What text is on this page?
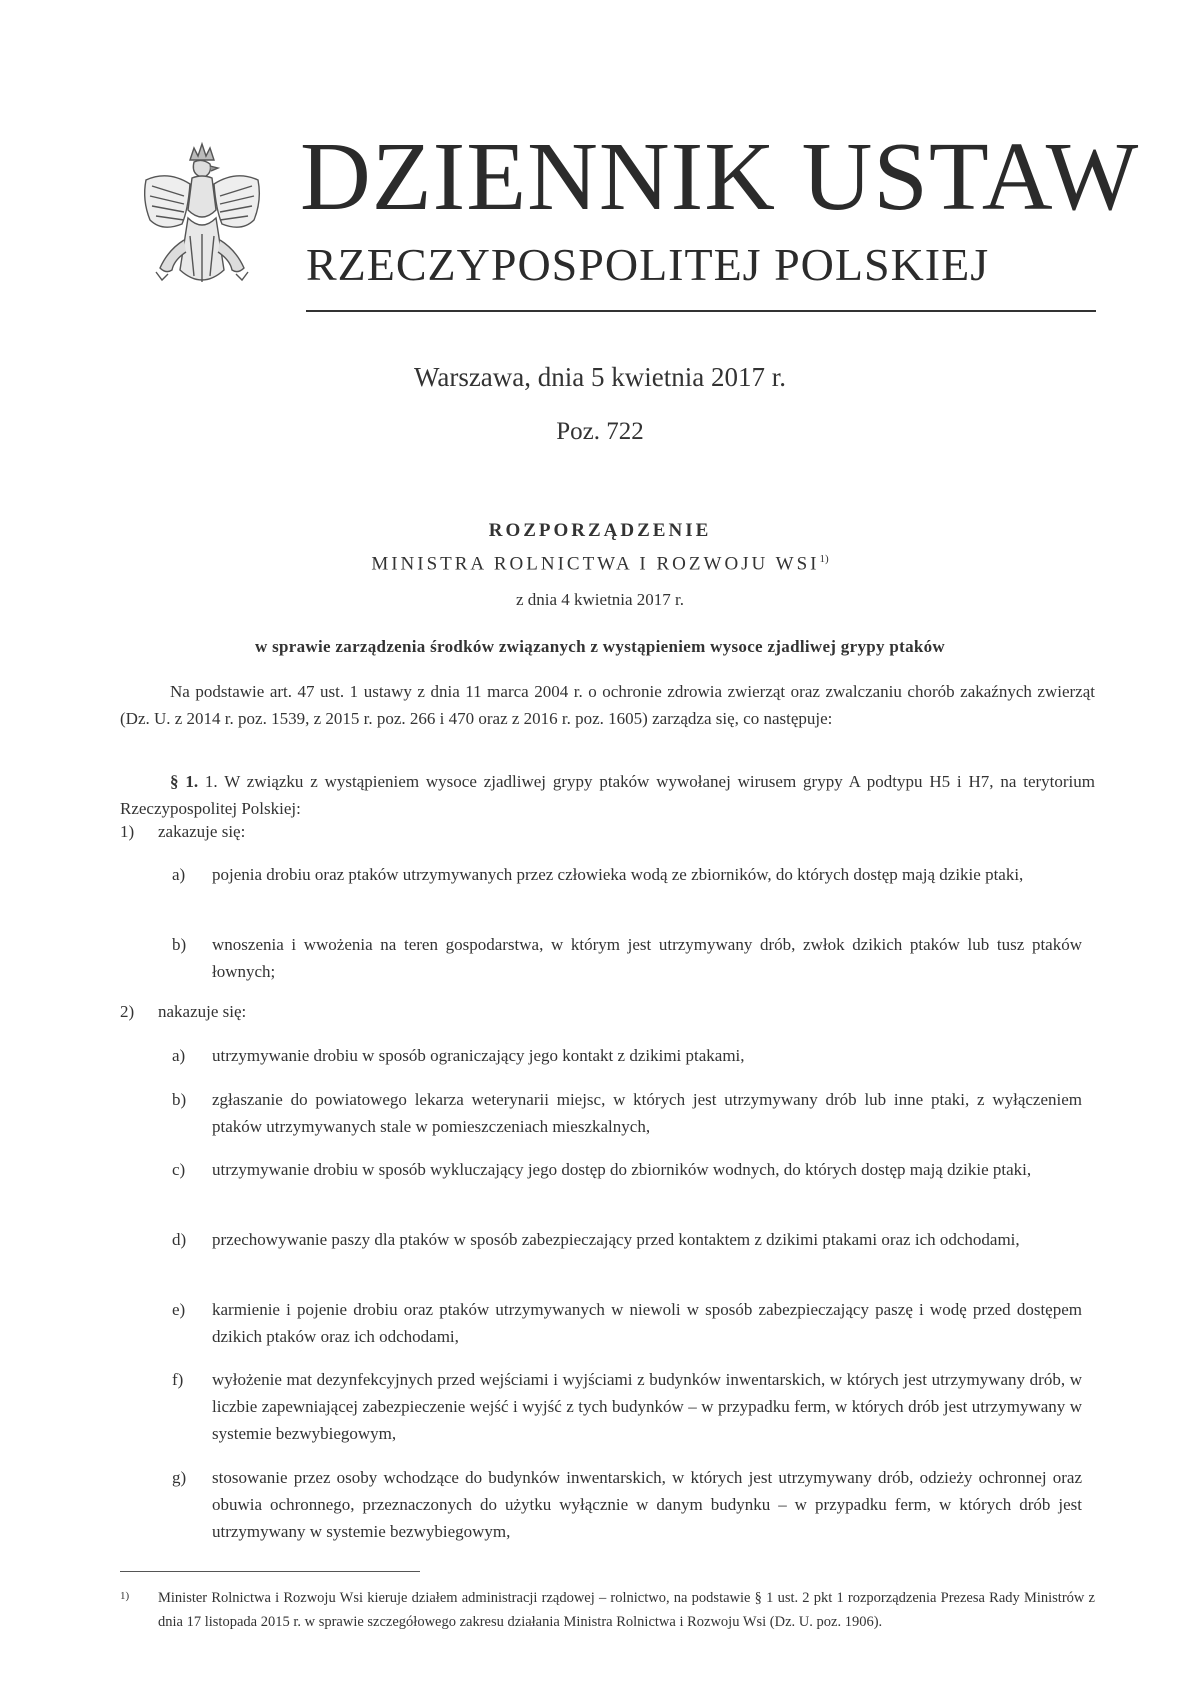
DZIENNIK USTAW
RZECZYPOSPOLITEJ POLSKIEJ
Warszawa, dnia 5 kwietnia 2017 r.
Poz. 722
ROZPORZĄDZENIE
MINISTRA ROLNICTWA I ROZWOJU WSI$^{1)}$
z dnia 4 kwietnia 2017 r.
w sprawie zarządzenia środków związanych z wystąpieniem wysoce zjadliwej grypy ptaków
Na podstawie art. 47 ust. 1 ustawy z dnia 11 marca 2004 r. o ochronie zdrowia zwierząt oraz zwalczaniu chorób zakaźnych zwierząt (Dz. U. z 2014 r. poz. 1539, z 2015 r. poz. 266 i 470 oraz z 2016 r. poz. 1605) zarządza się, co następuje:
§ 1. 1. W związku z wystąpieniem wysoce zjadliwej grypy ptaków wywołanej wirusem grypy A podtypu H5 i H7, na terytorium Rzeczypospolitej Polskiej:
1) zakazuje się:
a) pojenia drobiu oraz ptaków utrzymywanych przez człowieka wodą ze zbiorników, do których dostęp mają dzikie ptaki,
b) wnoszenia i wwożenia na teren gospodarstwa, w którym jest utrzymywany drób, zwłok dzikich ptaków lub tusz ptaków łownych;
2) nakazuje się:
a) utrzymywanie drobiu w sposób ograniczający jego kontakt z dzikimi ptakami,
b) zgłaszanie do powiatowego lekarza weterynarii miejsc, w których jest utrzymywany drób lub inne ptaki, z wyłączeniem ptaków utrzymywanych stale w pomieszczeniach mieszkalnych,
c) utrzymywanie drobiu w sposób wykluczający jego dostęp do zbiorników wodnych, do których dostęp mają dzikie ptaki,
d) przechowywanie paszy dla ptaków w sposób zabezpieczający przed kontaktem z dzikimi ptakami oraz ich odchodami,
e) karmienie i pojenie drobiu oraz ptaków utrzymywanych w niewoli w sposób zabezpieczający paszę i wodę przed dostępem dzikich ptaków oraz ich odchodami,
f) wyłożenie mat dezynfekcyjnych przed wejściami i wyjściami z budynków inwentarskich, w których jest utrzymywany drób, w liczbie zapewniającej zabezpieczenie wejść i wyjść z tych budynków – w przypadku ferm, w których drób jest utrzymywany w systemie bezwybiegowym,
g) stosowanie przez osoby wchodzące do budynków inwentarskich, w których jest utrzymywany drób, odzieży ochronnej oraz obuwia ochronnego, przeznaczonych do użytku wyłącznie w danym budynku – w przypadku ferm, w których drób jest utrzymywany w systemie bezwybiegowym,
1) Minister Rolnictwa i Rozwoju Wsi kieruje działem administracji rządowej – rolnictwo, na podstawie § 1 ust. 2 pkt 1 rozporządzenia Prezesa Rady Ministrów z dnia 17 listopada 2015 r. w sprawie szczegółowego zakresu działania Ministra Rolnictwa i Rozwoju Wsi (Dz. U. poz. 1906).
